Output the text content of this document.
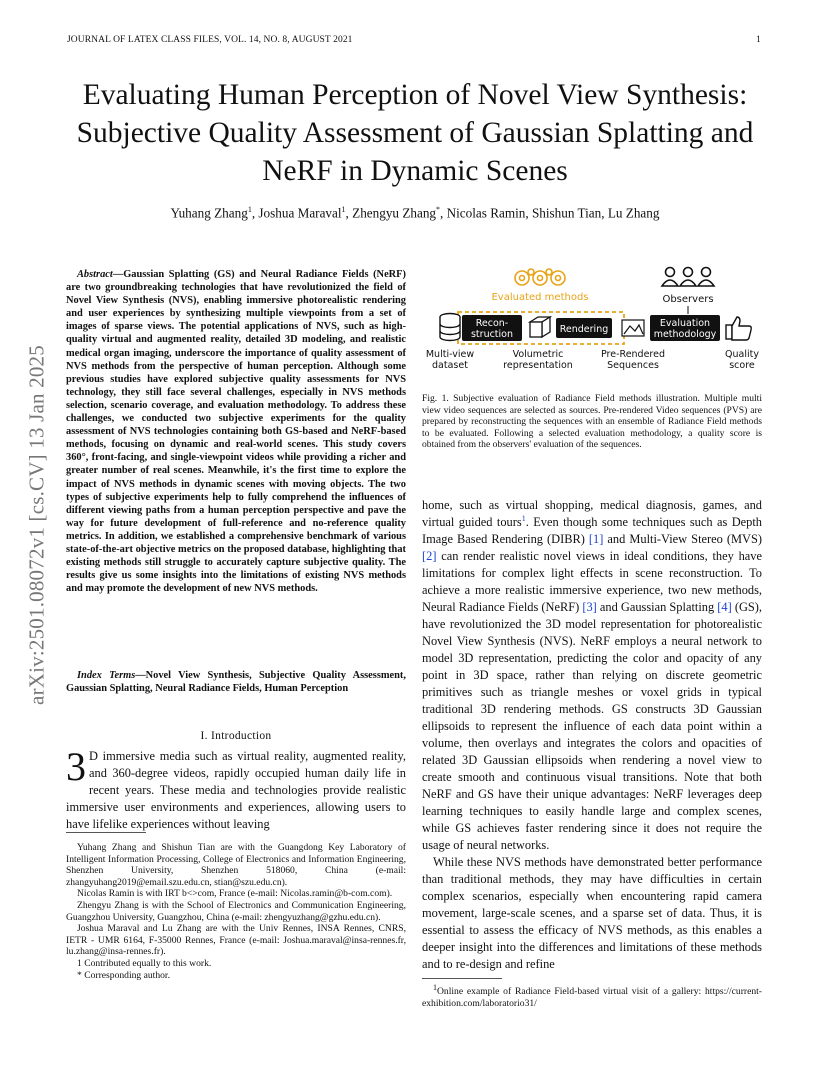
JOURNAL OF LATEX CLASS FILES, VOL. 14, NO. 8, AUGUST 2021	1
Evaluating Human Perception of Novel View Synthesis: Subjective Quality Assessment of Gaussian Splatting and NeRF in Dynamic Scenes
Yuhang Zhang$^1$, Joshua Maraval$^1$, Zhengyu Zhang*, Nicolas Ramin, Shishun Tian, Lu Zhang
arXiv:2501.08072v1 [cs.CV] 13 Jan 2025
Abstract—Gaussian Splatting (GS) and Neural Radiance Fields (NeRF) are two groundbreaking technologies that have revolutionized the field of Novel View Synthesis (NVS), enabling immersive photorealistic rendering and user experiences by synthesizing multiple viewpoints from a set of images of sparse views. The potential applications of NVS, such as high-quality virtual and augmented reality, detailed 3D modeling, and realistic medical organ imaging, underscore the importance of quality assessment of NVS methods from the perspective of human perception. Although some previous studies have explored subjective quality assessments for NVS technology, they still face several challenges, especially in NVS methods selection, scenario coverage, and evaluation methodology. To address these challenges, we conducted two subjective experiments for the quality assessment of NVS technologies containing both GS-based and NeRF-based methods, focusing on dynamic and real-world scenes. This study covers 360°, front-facing, and single-viewpoint videos while providing a richer and greater number of real scenes. Meanwhile, it's the first time to explore the impact of NVS methods in dynamic scenes with moving objects. The two types of subjective experiments help to fully comprehend the influences of different viewing paths from a human perception perspective and pave the way for future development of full-reference and no-reference quality metrics. In addition, we established a comprehensive benchmark of various state-of-the-art objective metrics on the proposed database, highlighting that existing methods still struggle to accurately capture subjective quality. The results give us some insights into the limitations of existing NVS methods and may promote the development of new NVS methods.
Index Terms—Novel View Synthesis, Subjective Quality Assessment, Gaussian Splatting, Neural Radiance Fields, Human Perception
I. Introduction
3 D immersive media such as virtual reality, augmented reality, and 360-degree videos, rapidly occupied human daily life in recent years. These media and technologies provide realistic immersive user environments and experiences, allowing users to have lifelike experiences without leaving

Yuhang Zhang and Shishun Tian are with the Guangdong Key Laboratory of Intelligent Information Processing, College of Electronics and Information Engineering, Shenzhen University, Shenzhen 518060, China (e-mail: zhangyuhang2019@email.szu.edu.cn, stian@szu.edu.cn).

Nicolas Ramin is with IRT b<>com, France (e-mail: Nicolas.ramin@b-com.com).

Zhengyu Zhang is with the School of Electronics and Communication Engineering, Guangzhou University, Guangzhou, China (e-mail: zhengyuzhang@gzhu.edu.cn).

Joshua Maraval and Lu Zhang are with the Univ Rennes, INSA Rennes, CNRS, IETR - UMR 6164, F-35000 Rennes, France (e-mail: Joshua.maraval@insa-rennes.fr, lu.zhang@insa-rennes.fr).

1 Contributed equally to this work.

* Corresponding author.

Evaluated methods	Observers
Recon-
struction	Rendering
Evaluation
methodology
Multi-view
dataset
Volumetric
representation
Pre-Rendered
Sequences
Quality
score
Fig. 1. Subjective evaluation of Radiance Field methods illustration. Multiple multi view video sequences are selected as sources. Pre-rendered Video sequences (PVS) are prepared by reconstructing the sequences with an ensemble of Radiance Field methods to be evaluated. Following a selected evaluation methodology, a quality score is obtained from the observers' evaluation of the sequences.

home, such as virtual shopping, medical diagnosis, games, and virtual guided tours$^1$. Even though some techniques such as Depth Image Based Rendering (DIBR) [1] and Multi-View Stereo (MVS) [2] can render realistic novel views in ideal conditions, they have limitations for complex light effects in scene reconstruction. To achieve a more realistic immersive experience, two new methods, Neural Radiance Fields (NeRF) [3] and Gaussian Splatting [4] (GS), have revolutionized the 3D model representation for photorealistic Novel View Synthesis (NVS). NeRF employs a neural network to model 3D representation, predicting the color and opacity of any point in 3D space, rather than relying on discrete geometric primitives such as triangle meshes or voxel grids in typical traditional 3D rendering methods. GS constructs 3D Gaussian ellipsoids to represent the influence of each data point within a volume, then overlays and integrates the colors and opacities of related 3D Gaussian ellipsoids when rendering a novel view to create smooth and continuous visual transitions. Note that both NeRF and GS have their unique advantages: NeRF leverages deep learning techniques to easily handle large and complex scenes, while GS achieves faster rendering since it does not require the usage of neural networks.

While these NVS methods have demonstrated better performance than traditional methods, they may have difficulties in certain complex scenarios, especially when encountering rapid camera movement, large-scale scenes, and a sparse set of data. Thus, it is essential to assess the efficacy of NVS methods, as this enables a deeper insight into the differences and limitations of these methods and to re-design and refine

$^1$Online example of Radiance Field-based virtual visit of a gallery: https://current-exhibition.com/laboratorio31/
